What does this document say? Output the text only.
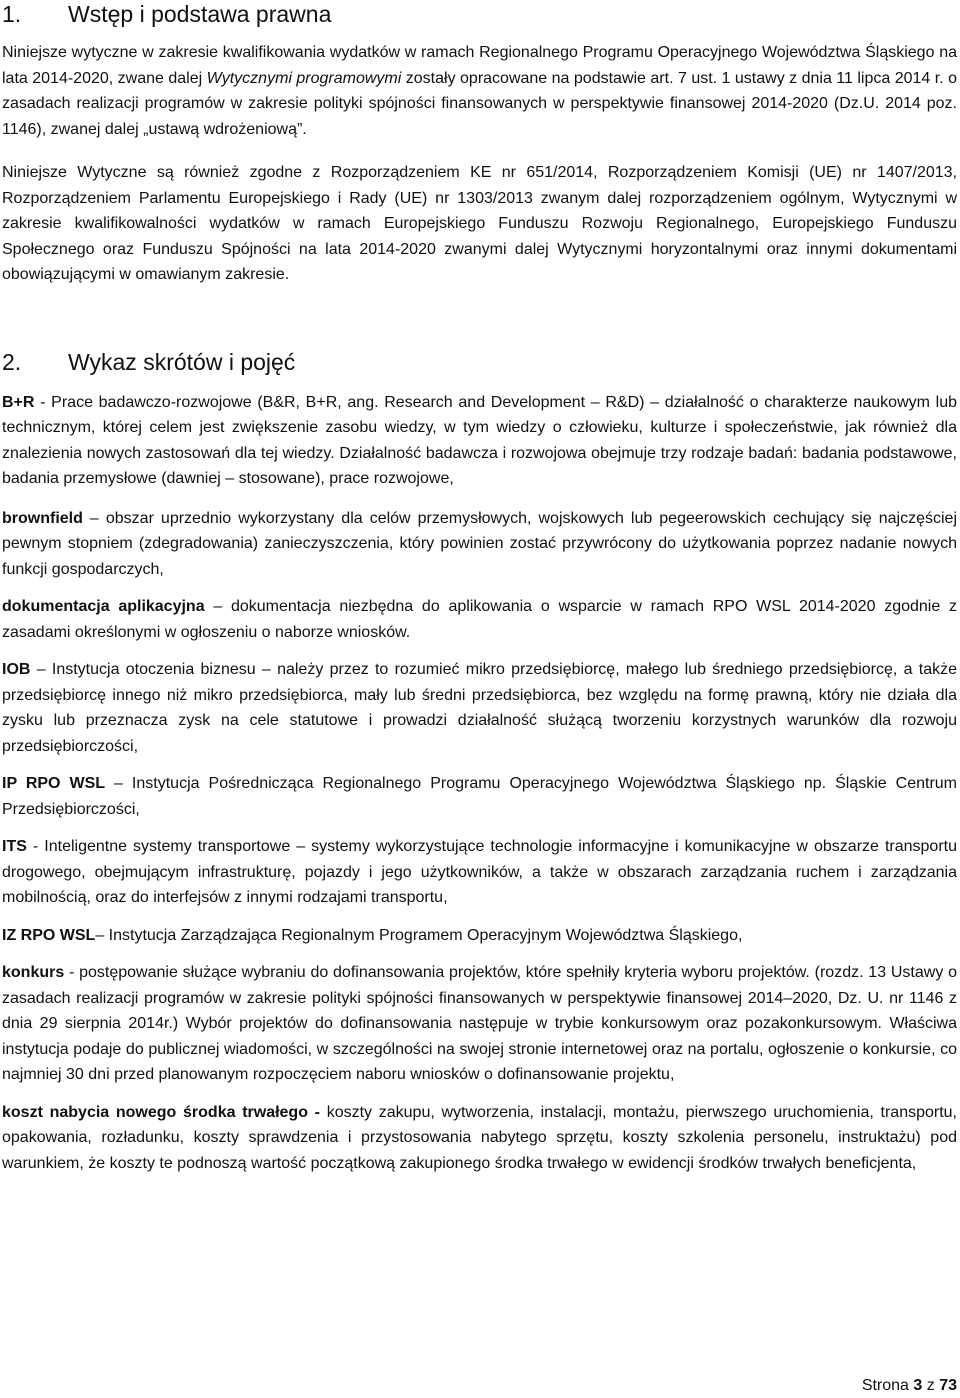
1.	Wstęp i podstawa prawna

Niniejsze wytyczne w zakresie kwalifikowania wydatków w ramach Regionalnego Programu Operacyjnego Województwa Śląskiego na lata 2014-2020, zwane dalej Wytycznymi programowymi zostały opracowane na podstawie art. 7 ust. 1 ustawy z dnia 11 lipca 2014 r. o zasadach realizacji programów w zakresie polityki spójności finansowanych w perspektywie finansowej 2014-2020 (Dz.U. 2014 poz. 1146), zwanej dalej „ustawą wdrożeniową”.

Niniejsze Wytyczne są również zgodne z Rozporządzeniem KE nr 651/2014, Rozporządzeniem Komisji (UE) nr 1407/2013, Rozporządzeniem Parlamentu Europejskiego i Rady (UE) nr 1303/2013 zwanym dalej rozporządzeniem ogólnym, Wytycznymi w zakresie kwalifikowalności wydatków w ramach Europejskiego Funduszu Rozwoju Regionalnego, Europejskiego Funduszu Społecznego oraz Funduszu Spójności na lata 2014-2020 zwanymi dalej Wytycznymi horyzontalnymi oraz innymi dokumentami obowiązującymi w omawianym zakresie.

2.	Wykaz skrótów i pojęć

B+R - Prace badawczo-rozwojowe (B&R, B+R, ang. Research and Development – R&D) – działalność o charakterze naukowym lub technicznym, której celem jest zwiększenie zasobu wiedzy, w tym wiedzy o człowieku, kulturze i społeczeństwie, jak również dla znalezienia nowych zastosowań dla tej wiedzy. Działalność badawcza i rozwojowa obejmuje trzy rodzaje badań: badania podstawowe, badania przemysłowe (dawniej – stosowane), prace rozwojowe,

brownfield – obszar uprzednio wykorzystany dla celów przemysłowych, wojskowych lub pegeerowskich cechujący się najczęściej pewnym stopniem (zdegradowania) zanieczyszczenia, który powinien zostać przywrócony do użytkowania poprzez nadanie nowych funkcji gospodarczych,

dokumentacja aplikacyjna – dokumentacja niezbędna do aplikowania o wsparcie w ramach RPO WSL 2014-2020 zgodnie z zasadami określonymi w ogłoszeniu o naborze wniosków.

IOB – Instytucja otoczenia biznesu – należy przez to rozumieć mikro przedsiębiorcę, małego lub średniego przedsiębiorcę, a także przedsiębiorcę innego niż mikro przedsiębiorca, mały lub średni przedsiębiorca, bez względu na formę prawną, który nie działa dla zysku lub przeznacza zysk na cele statutowe i prowadzi działalność służącą tworzeniu korzystnych warunków dla rozwoju przedsiębiorczości,

IP RPO WSL – Instytucja Pośrednicząca Regionalnego Programu Operacyjnego Województwa Śląskiego np. Śląskie Centrum Przedsiębiorczości,

ITS - Inteligentne systemy transportowe – systemy wykorzystujące technologie informacyjne i komunikacyjne w obszarze transportu drogowego, obejmującym infrastrukturę, pojazdy i jego użytkowników, a także w obszarach zarządzania ruchem i zarządzania mobilnością, oraz do interfejsów z innymi rodzajami transportu,

IZ RPO WSL– Instytucja Zarządzająca Regionalnym Programem Operacyjnym Województwa Śląskiego,

konkurs - postępowanie służące wybraniu do dofinansowania projektów, które spełniły kryteria wyboru projektów. (rozdz. 13 Ustawy o zasadach realizacji programów w zakresie polityki spójności finansowanych w perspektywie finansowej 2014–2020, Dz. U. nr 1146 z dnia 29 sierpnia 2014r.) Wybór projektów do dofinansowania następuje w trybie konkursowym oraz pozakonkursowym. Właściwa instytucja podaje do publicznej wiadomości, w szczególności na swojej stronie internetowej oraz na portalu, ogłoszenie o konkursie, co najmniej 30 dni przed planowanym rozpoczęciem naboru wniosków o dofinansowanie projektu,

koszt nabycia nowego środka trwałego - koszty zakupu, wytworzenia, instalacji, montażu, pierwszego uruchomienia, transportu, opakowania, rozładunku, koszty sprawdzenia i przystosowania nabytego sprzętu, koszty szkolenia personelu, instruktażu) pod warunkiem, że koszty te podnoszą wartość początkową zakupionego środka trwałego w ewidencji środków trwałych beneficjenta,

Strona 3 z 73
